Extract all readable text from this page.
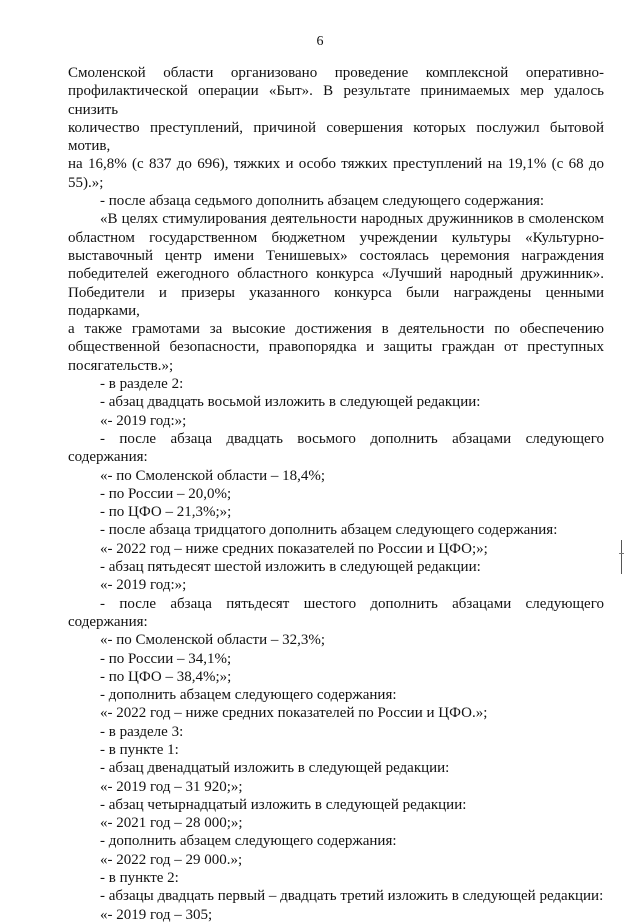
6

Смоленской области организовано проведение комплексной оперативно-

профилактической операции «Быт». В результате принимаемых мер удалось снизить

количество преступлений, причиной совершения которых послужил бытовой мотив,

на 16,8% (с 837 до 696), тяжких и особо тяжких преступлений на 19,1% (с 68 до

55).»;

- после абзаца седьмого дополнить абзацем следующего содержания:

«В целях стимулирования деятельности народных дружинников в смоленском

областном государственном бюджетном учреждении культуры «Культурно-

выставочный центр имени Тенишевых» состоялась церемония награждения

победителей ежегодного областного конкурса «Лучший народный дружинник».

Победители и призеры указанного конкурса были награждены ценными подарками,

а также грамотами за высокие достижения в деятельности по обеспечению

общественной безопасности, правопорядка и защиты граждан от преступных

посягательств.»;

- в разделе 2:

- абзац двадцать восьмой изложить в следующей редакции:

«- 2019 год:»;

- после абзаца двадцать восьмого дополнить абзацами следующего

содержания:

«- по Смоленской области – 18,4%;

- по России – 20,0%;

- по ЦФО – 21,3%;»;

- после абзаца тридцатого дополнить абзацем следующего содержания:

«- 2022 год – ниже средних показателей по России и ЦФО;»;

- абзац пятьдесят шестой изложить в следующей редакции:

«- 2019 год:»;

- после абзаца пятьдесят шестого дополнить абзацами следующего

содержания:

«- по Смоленской области – 32,3%;

- по России – 34,1%;

- по ЦФО – 38,4%;»;

- дополнить абзацем следующего содержания:

«- 2022 год – ниже средних показателей по России и ЦФО.»;

- в разделе 3:

- в пункте 1:

- абзац двенадцатый изложить в следующей редакции:

«- 2019 год – 31 920;»;

- абзац четырнадцатый изложить в следующей редакции:

«- 2021 год – 28 000;»;

- дополнить абзацем следующего содержания:

«- 2022 год – 29 000.»;

- в пункте 2:

- абзацы двадцать первый – двадцать третий изложить в следующей редакции:

«- 2019 год – 305;
